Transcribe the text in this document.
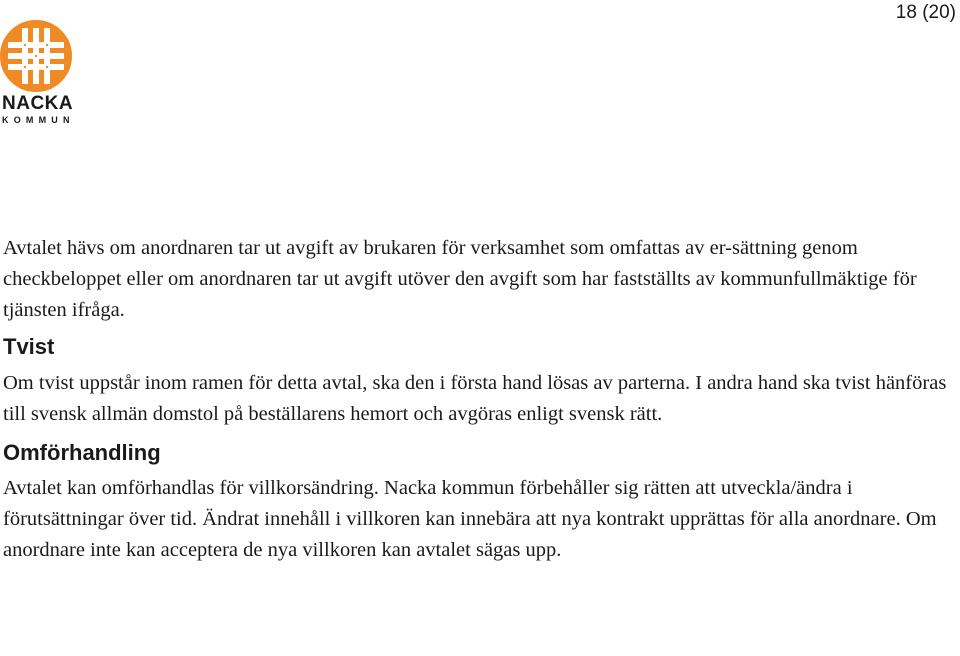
18 (20)
NACKA
KOMMUN

Avtalet hävs om anordnaren tar ut avgift av brukaren för verksamhet som omfattas av er-sättning genom checkbeloppet eller om anordnaren tar ut avgift utöver den avgift som har fastställts av kommunfullmäktige för tjänsten ifråga.

Tvist

Om tvist uppstår inom ramen för detta avtal, ska den i första hand lösas av parterna. I andra hand ska tvist hänföras till svensk allmän domstol på beställarens hemort och avgöras enligt svensk rätt.

Omförhandling

Avtalet kan omförhandlas för villkorsändring. Nacka kommun förbehåller sig rätten att utveckla/ändra i förutsättningar över tid. Ändrat innehåll i villkoren kan innebära att nya kontrakt upprättas för alla anordnare. Om anordnare inte kan acceptera de nya villkoren kan avtalet sägas upp.
